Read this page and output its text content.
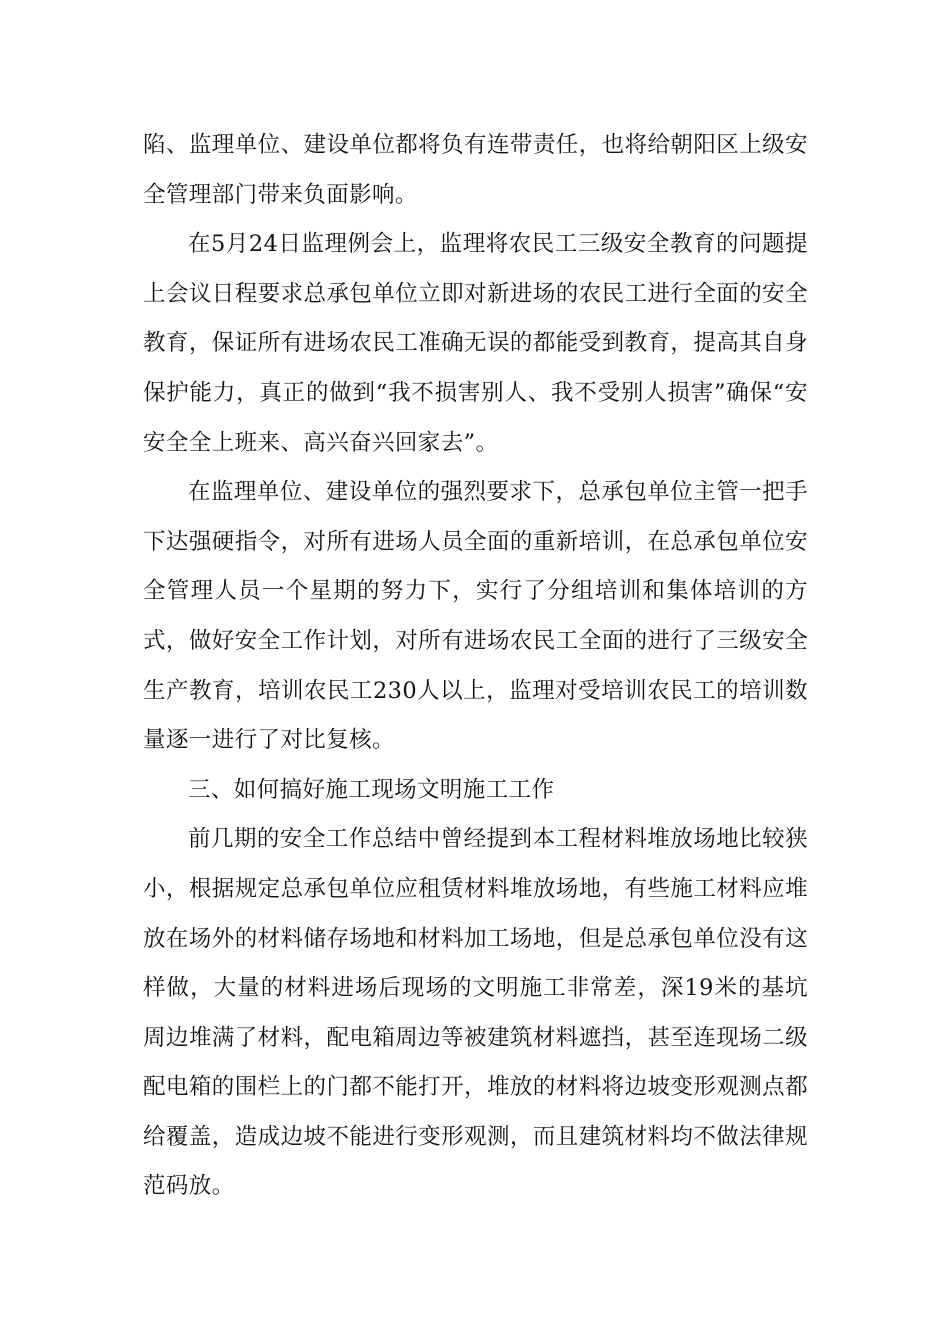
陷、监理单位、建设单位都将负有连带责任，也将给朝阳区上级安全管理部门带来负面影响。

在5月24日监理例会上，监理将农民工三级安全教育的问题提上会议日程要求总承包单位立即对新进场的农民工进行全面的安全教育，保证所有进场农民工准确无误的都能受到教育，提高其自身保护能力，真正的做到“我不损害别人、我不受别人损害”确保“安安全全上班来、高兴奋兴回家去”。

在监理单位、建设单位的强烈要求下，总承包单位主管一把手下达强硬指令，对所有进场人员全面的重新培训，在总承包单位安全管理人员一个星期的努力下，实行了分组培训和集体培训的方式，做好安全工作计划，对所有进场农民工全面的进行了三级安全生产教育，培训农民工230人以上，监理对受培训农民工的培训数量逐一进行了对比复核。

三、如何搞好施工现场文明施工工作

前几期的安全工作总结中曾经提到本工程材料堆放场地比较狭小，根据规定总承包单位应租赁材料堆放场地，有些施工材料应堆放在场外的材料储存场地和材料加工场地，但是总承包单位没有这样做，大量的材料进场后现场的文明施工非常差，深19米的基坑周边堆满了材料，配电箱周边等被建筑材料遮挡，甚至连现场二级配电箱的围栏上的门都不能打开，堆放的材料将边坡变形观测点都给覆盖，造成边坡不能进行变形观测，而且建筑材料均不做法律规范码放。
